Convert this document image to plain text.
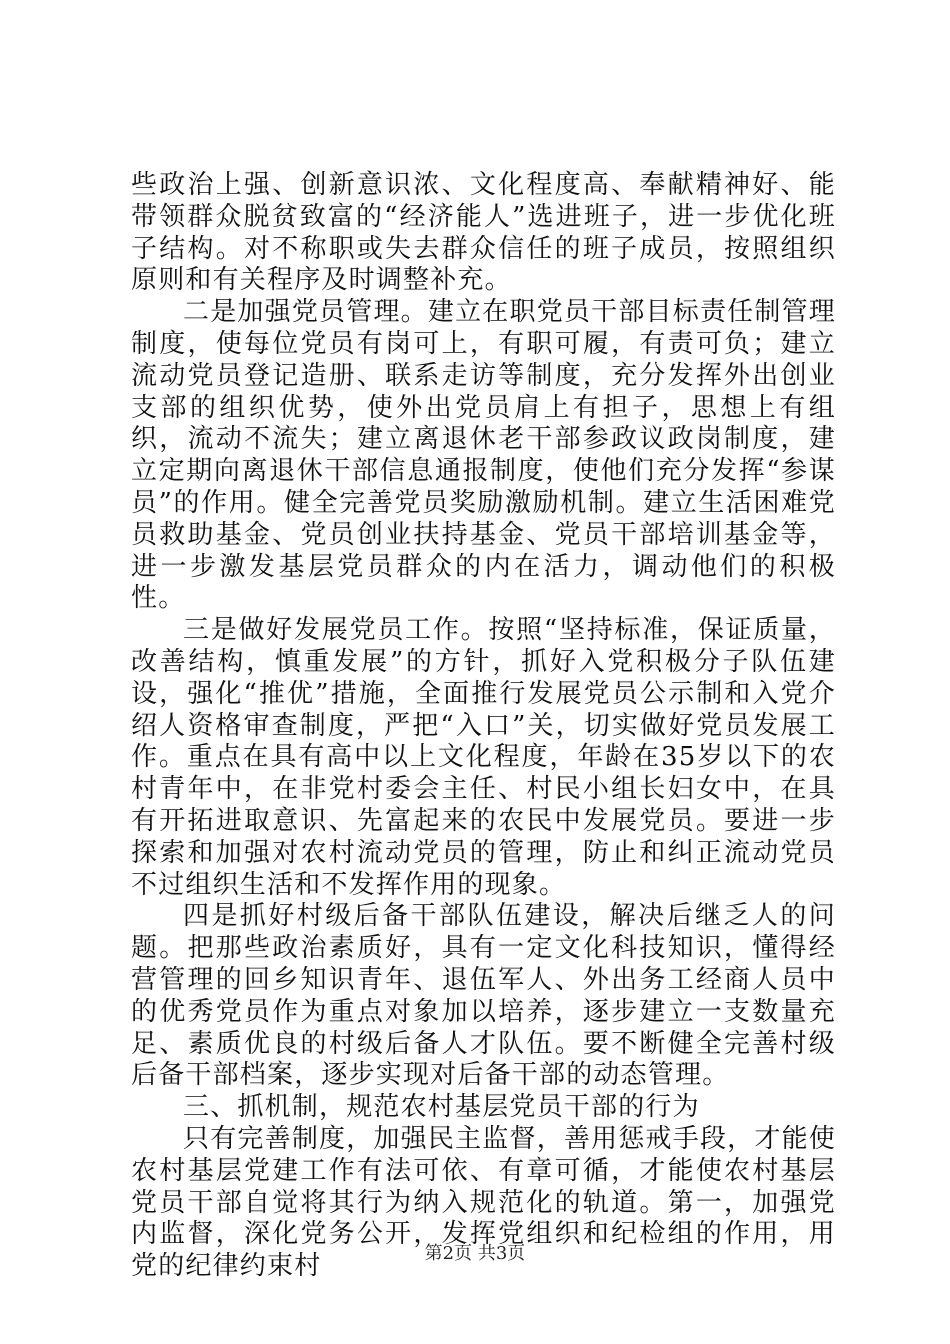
些政治上强、创新意识浓、文化程度高、奉献精神好、能带领群众脱贫致富的“经济能人”选进班子，进一步优化班子结构。对不称职或失去群众信任的班子成员，按照组织原则和有关程序及时调整补充。

二是加强党员管理。建立在职党员干部目标责任制管理制度，使每位党员有岗可上，有职可履，有责可负；建立流动党员登记造册、联系走访等制度，充分发挥外出创业支部的组织优势，使外出党员肩上有担子，思想上有组织，流动不流失；建立离退休老干部参政议政岗制度，建立定期向离退休干部信息通报制度，使他们充分发挥“参谋员”的作用。健全完善党员奖励激励机制。建立生活困难党员救助基金、党员创业扶持基金、党员干部培训基金等，进一步激发基层党员群众的内在活力，调动他们的积极性。

三是做好发展党员工作。按照“坚持标准，保证质量，改善结构，慎重发展”的方针，抓好入党积极分子队伍建设，强化“推优”措施，全面推行发展党员公示制和入党介绍人资格审查制度，严把“入口”关，切实做好党员发展工作。重点在具有高中以上文化程度，年龄在35岁以下的农村青年中，在非党村委会主任、村民小组长妇女中，在具有开拓进取意识、先富起来的农民中发展党员。要进一步探索和加强对农村流动党员的管理，防止和纠正流动党员不过组织生活和不发挥作用的现象。

四是抓好村级后备干部队伍建设，解决后继乏人的问题。把那些政治素质好，具有一定文化科技知识，懂得经营管理的回乡知识青年、退伍军人、外出务工经商人员中的优秀党员作为重点对象加以培养，逐步建立一支数量充足、素质优良的村级后备人才队伍。要不断健全完善村级后备干部档案，逐步实现对后备干部的动态管理。

三、抓机制，规范农村基层党员干部的行为

只有完善制度，加强民主监督，善用惩戒手段，才能使农村基层党建工作有法可依、有章可循，才能使农村基层党员干部自觉将其行为纳入规范化的轨道。第一，加强党内监督，深化党务公开，发挥党组织和纪检组的作用，用党的纪律约束村	第2页 共3页
